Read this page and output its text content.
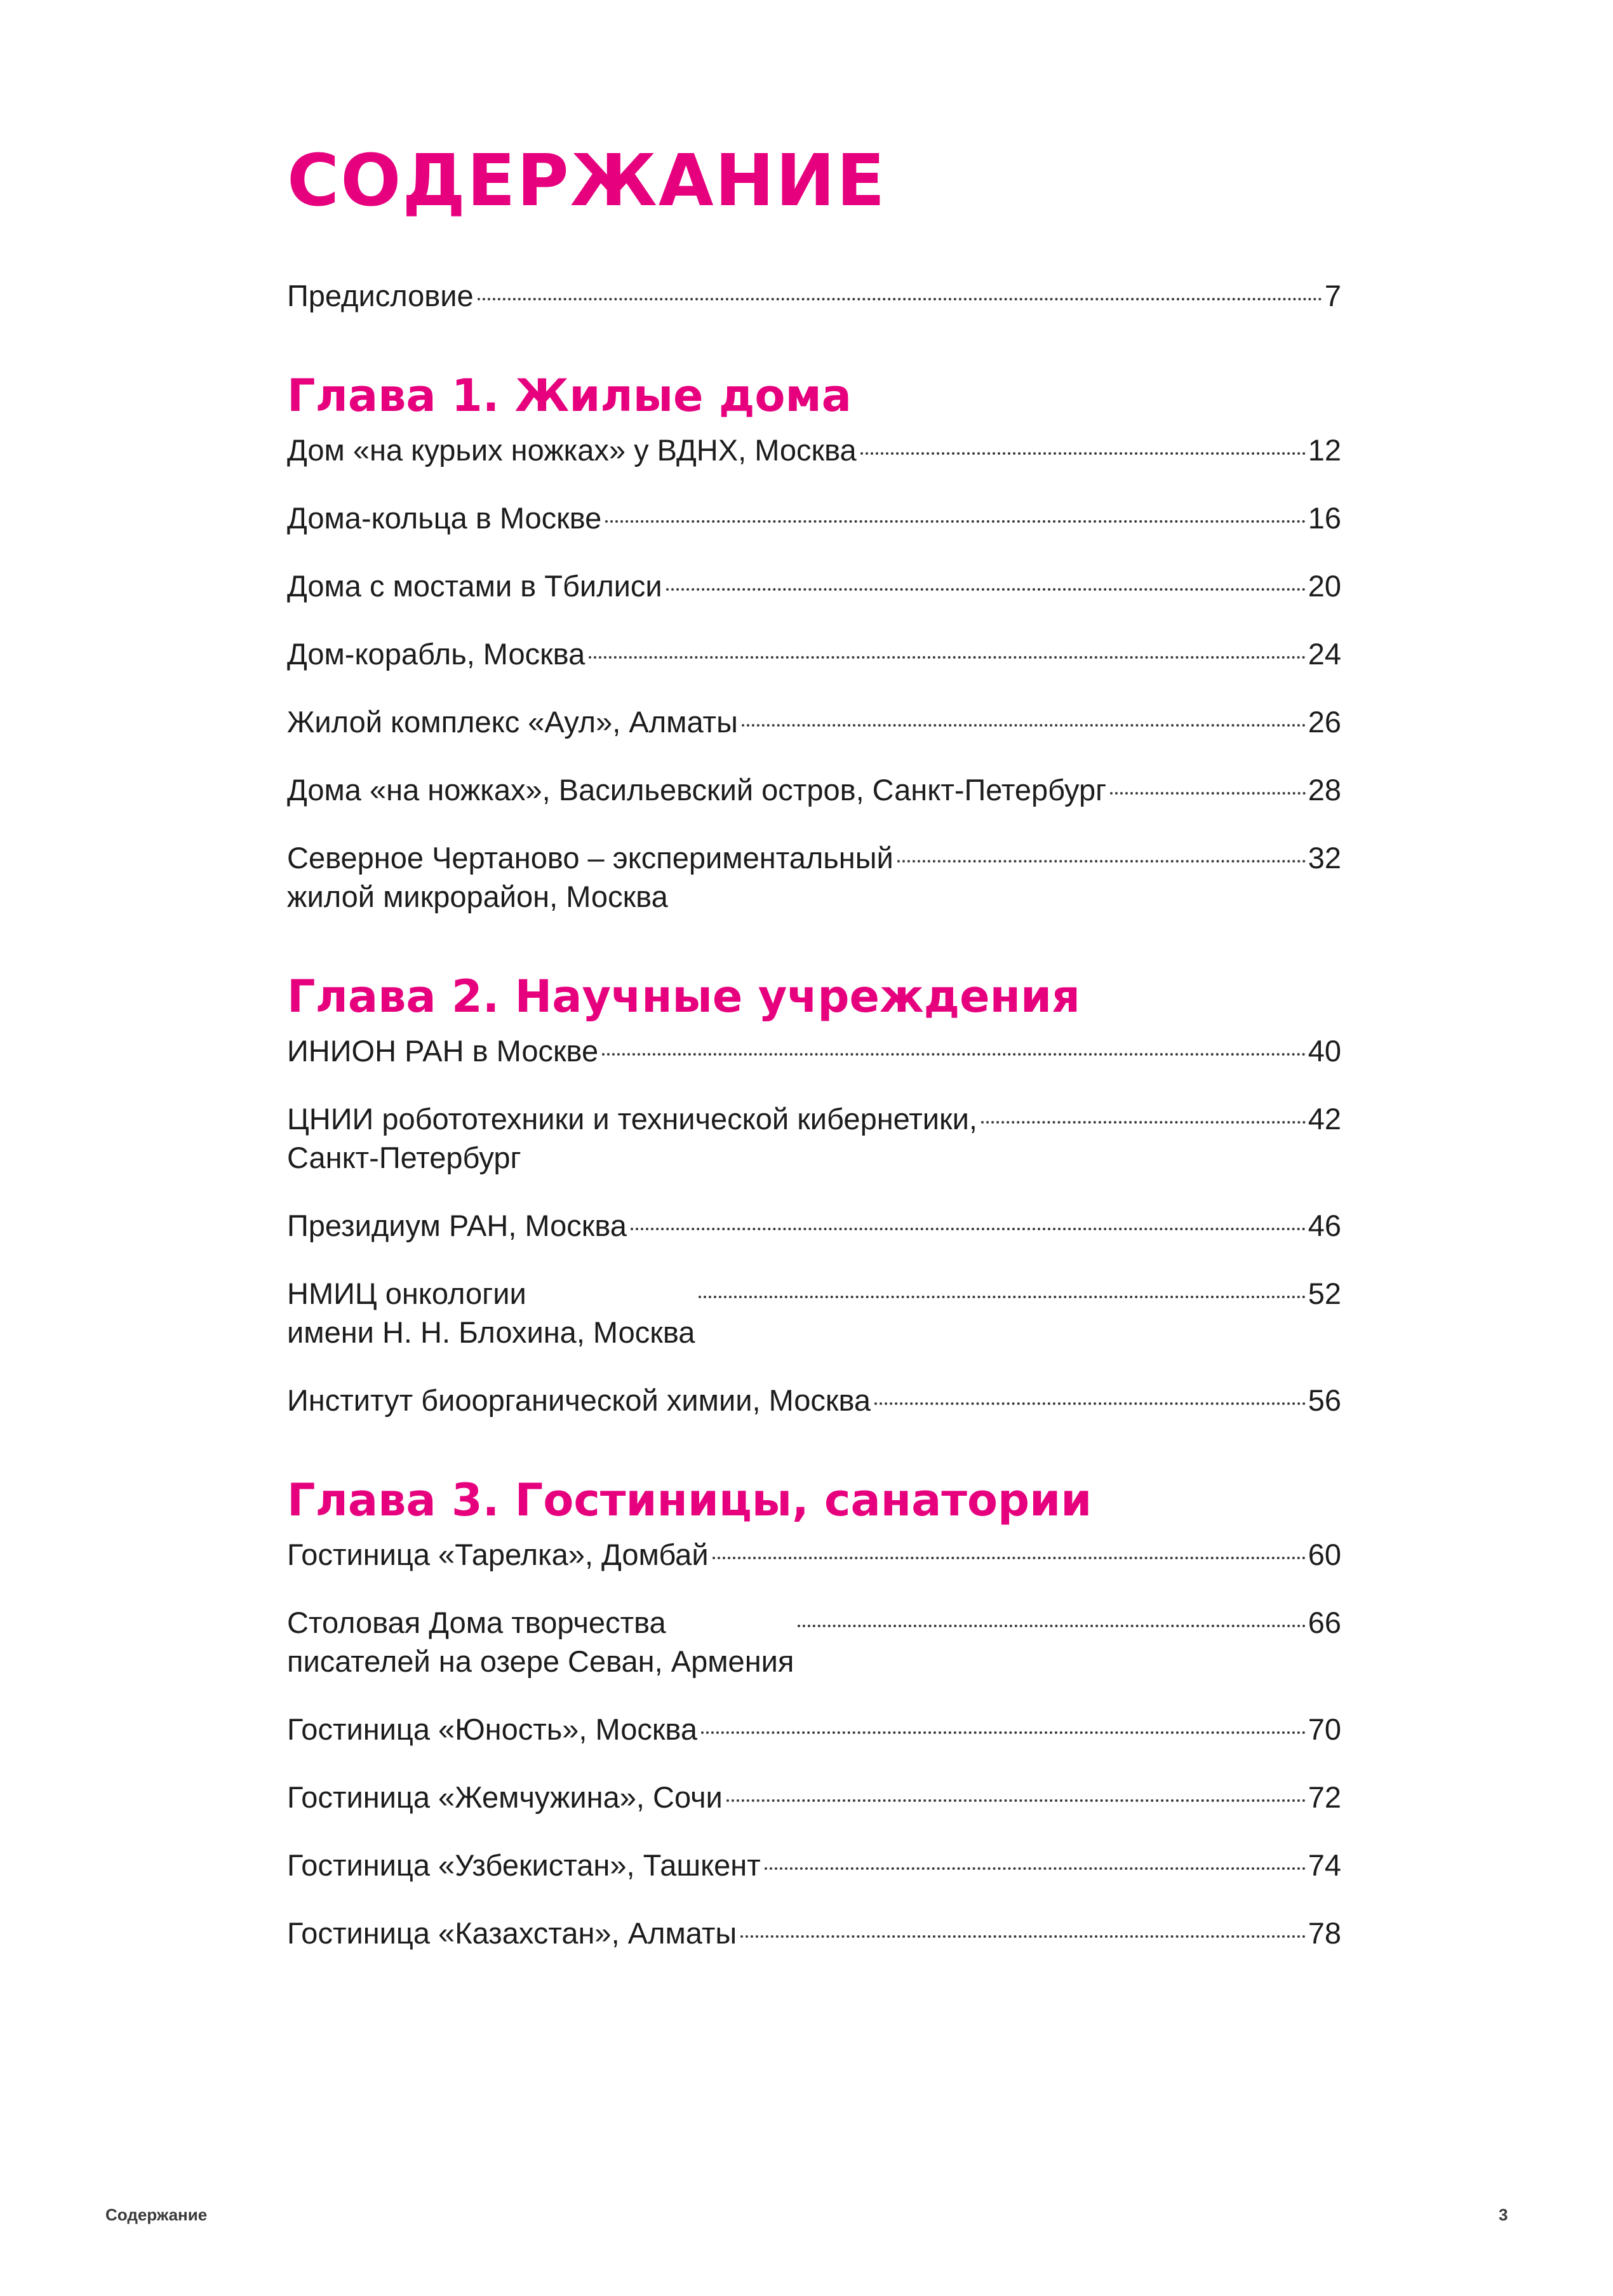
СОДЕРЖАНИЕ
Предисловие	7
Глава 1. Жилые дома
Дом «на курьих ножках» у ВДНХ, Москва	12
Дома-кольца в Москве	16
Дома с мостами в Тбилиси	20
Дом-корабль, Москва	24
Жилой комплекс «Аул», Алматы	26
Дома «на ножках», Васильевский остров, Санкт-Петербург	28
Северное Чертаново – экспериментальный
жилой микрорайон, Москва
32
Глава 2. Научные учреждения
ИНИОН РАН в Москве	40
ЦНИИ робототехники и технической кибернетики,
Санкт-Петербург
42
Президиум РАН, Москва	46
НМИЦ онкологии
имени Н. Н. Блохина, Москва
52
Институт биоорганической химии, Москва	56
Глава 3. Гостиницы, санатории
Гостиница «Тарелка», Домбай	60
Столовая Дома творчества
писателей на озере Севан, Армения
66
Гостиница «Юность», Москва	70
Гостиница «Жемчужина», Сочи	72
Гостиница «Узбекистан», Ташкент	74
Гостиница «Казахстан», Алматы	78
Содержание	3
